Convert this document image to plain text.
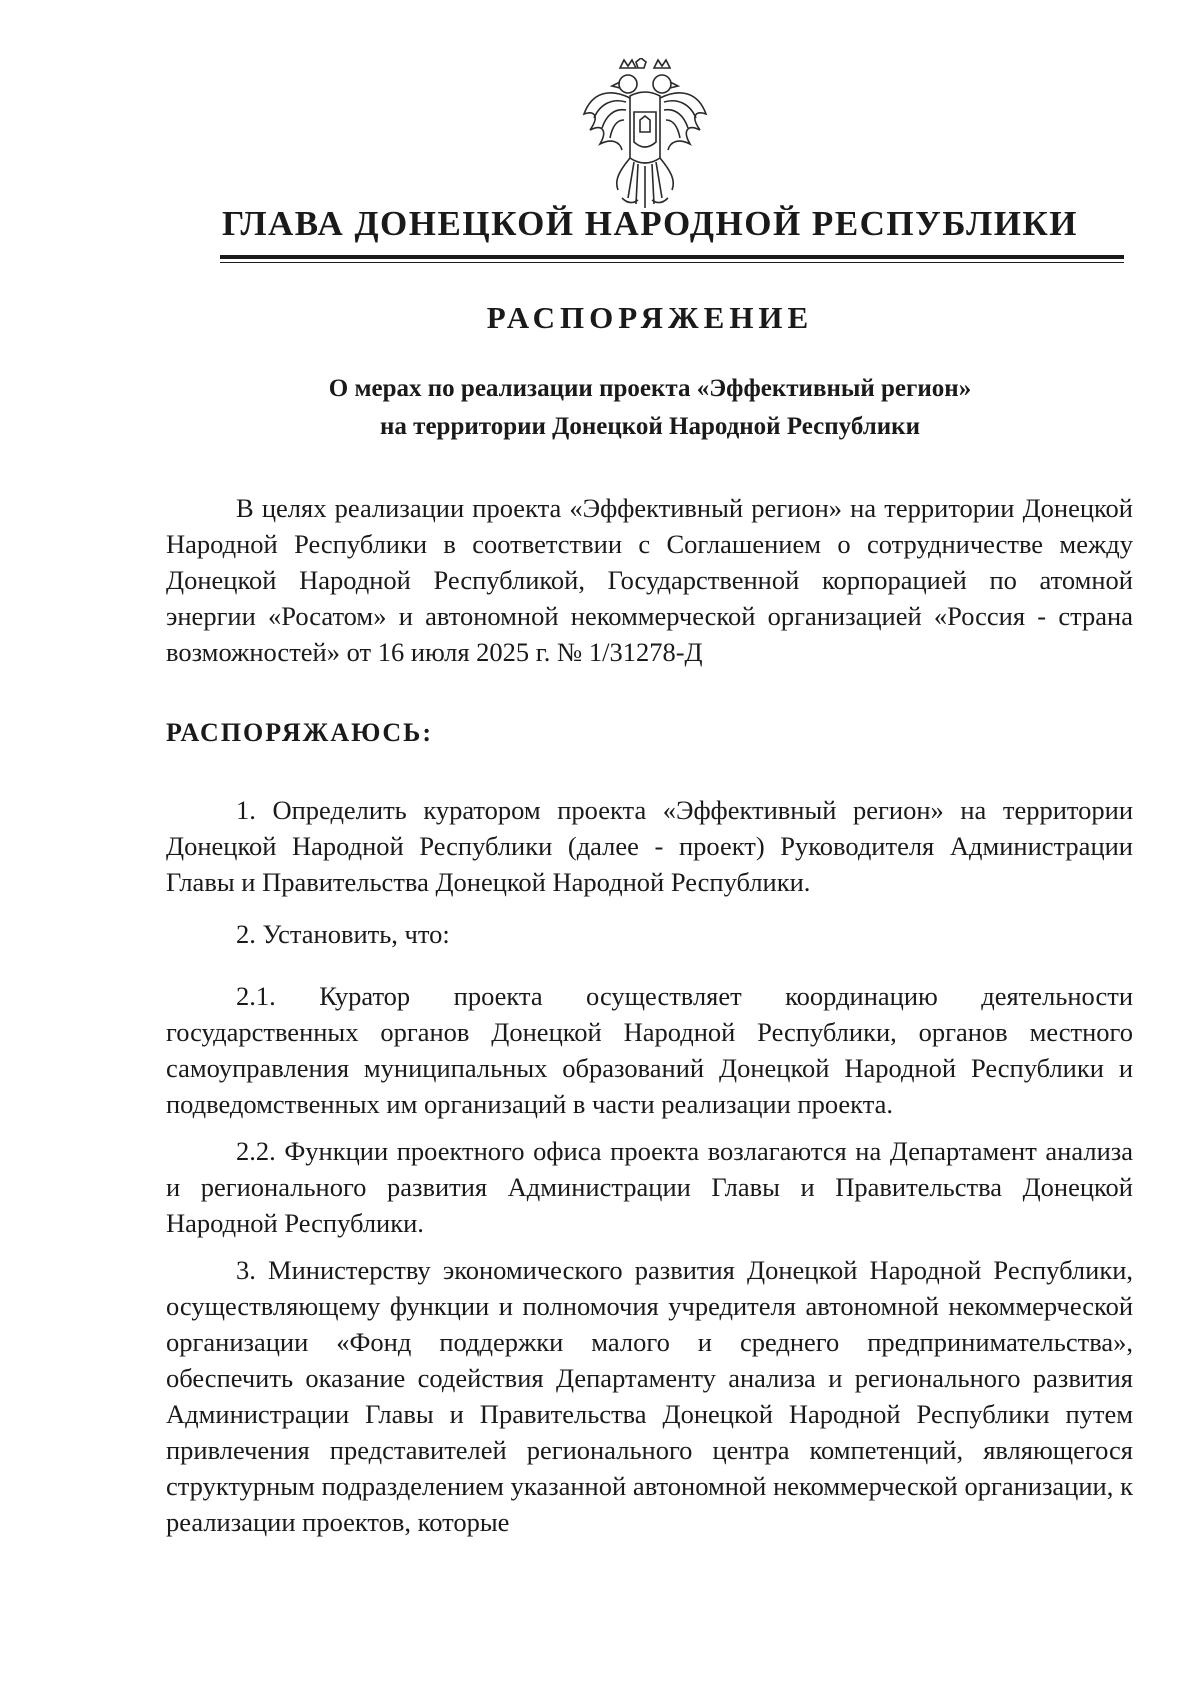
ГЛАВА ДОНЕЦКОЙ НАРОДНОЙ РЕСПУБЛИКИ
РАСПОРЯЖЕНИЕ
О мерах по реализации проекта «Эффективный регион»
на территории Донецкой Народной Республики

В целях реализации проекта «Эффективный регион» на территории Донецкой Народной Республики в соответствии с Соглашением о сотрудничестве между Донецкой Народной Республикой, Государственной корпорацией по атомной энергии «Росатом» и автономной некоммерческой организацией «Россия - страна возможностей» от 16 июля 2025 г. № 1/31278-Д

РАСПОРЯЖАЮСЬ:

1. Определить куратором проекта «Эффективный регион» на территории Донецкой Народной Республики (далее - проект) Руководителя Администрации Главы и Правительства Донецкой Народной Республики.

2. Установить, что:

2.1. Куратор проекта осуществляет координацию деятельности государственных органов Донецкой Народной Республики, органов местного самоуправления муниципальных образований Донецкой Народной Республики и подведомственных им организаций в части реализации проекта.

2.2. Функции проектного офиса проекта возлагаются на Департамент анализа и регионального развития Администрации Главы и Правительства Донецкой Народной Республики.

3. Министерству экономического развития Донецкой Народной Республики, осуществляющему функции и полномочия учредителя автономной некоммерческой организации «Фонд поддержки малого и среднего предпринимательства», обеспечить оказание содействия Департаменту анализа и регионального развития Администрации Главы и Правительства Донецкой Народной Республики путем привлечения представителей регионального центра компетенций, являющегося структурным подразделением указанной автономной некоммерческой организации, к реализации проектов, которые
